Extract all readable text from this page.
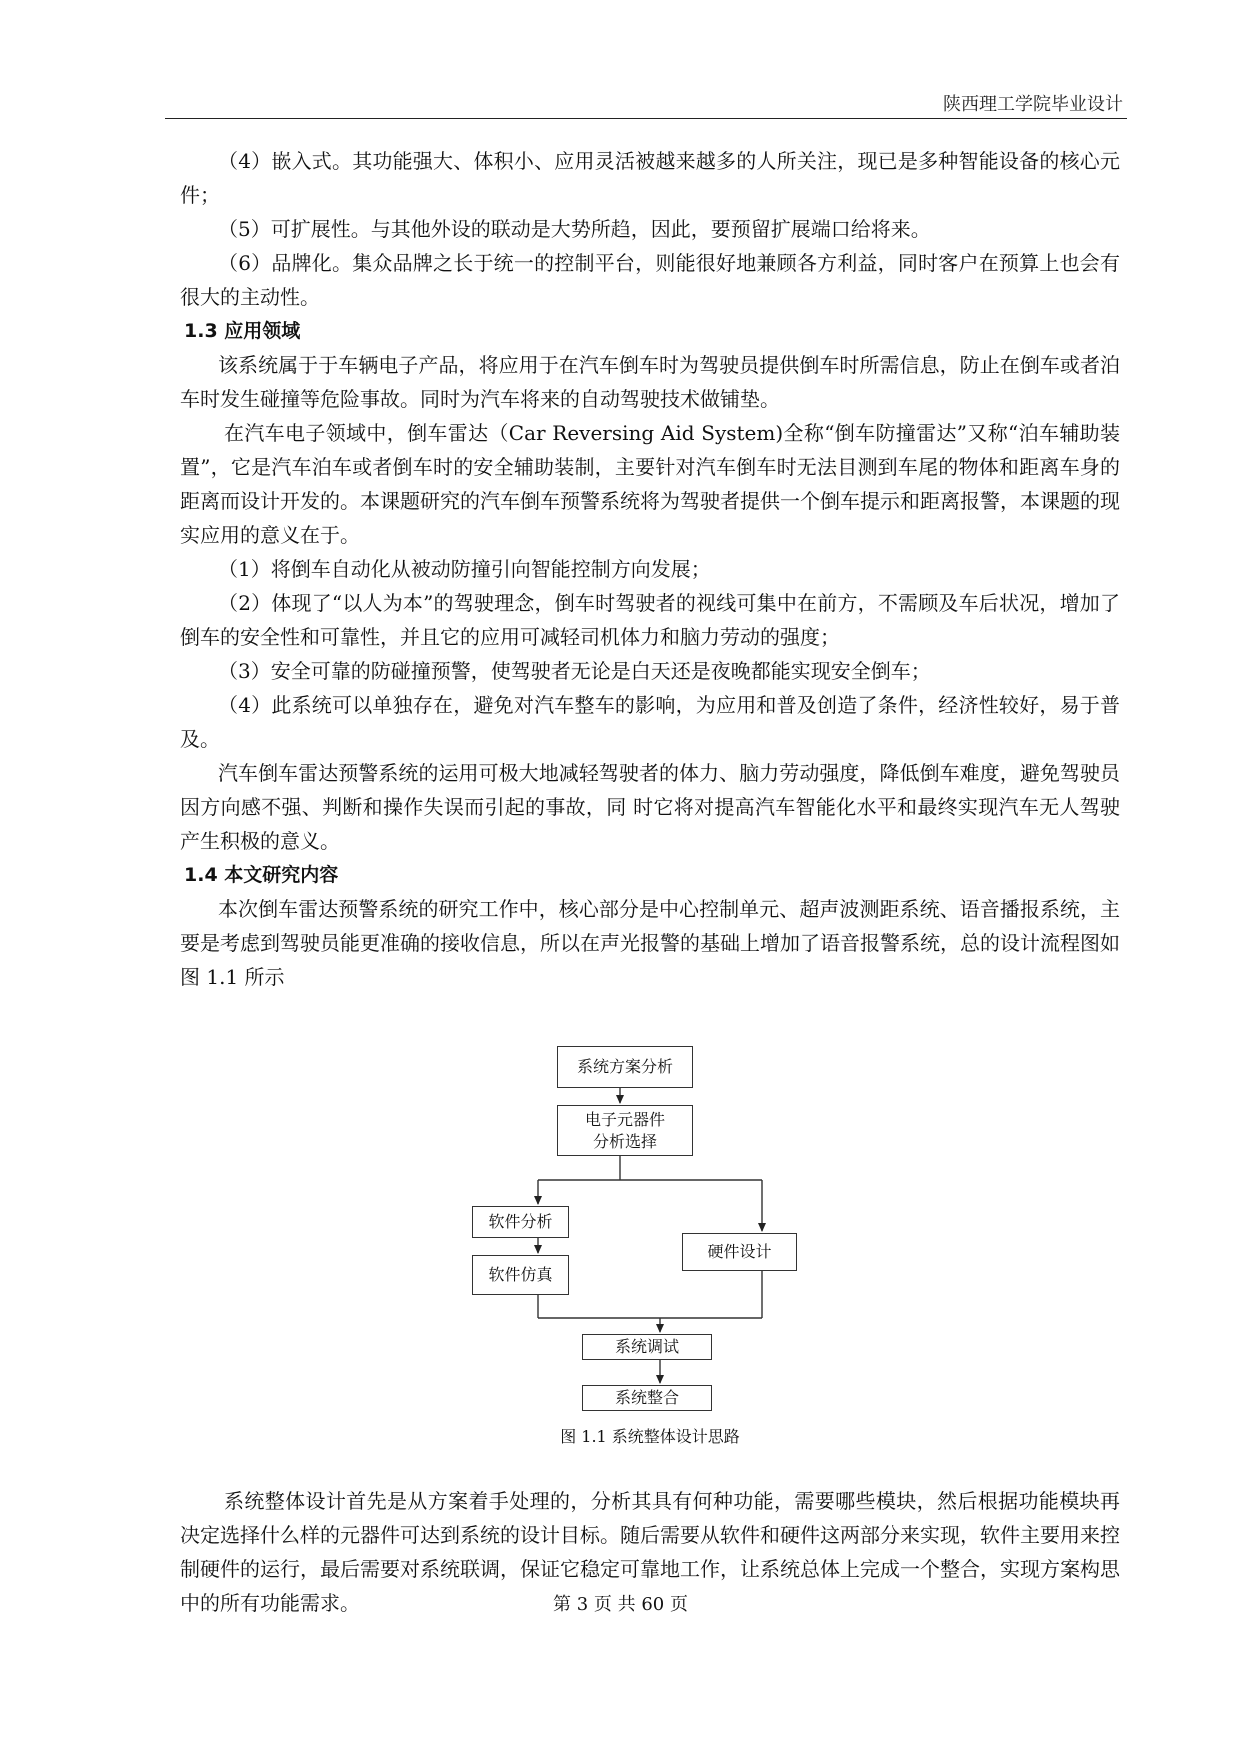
陕西理工学院毕业设计

（4）嵌入式。其功能强大、体积小、应用灵活被越来越多的人所关注，现已是多种智能设备的核心元件；

（5）可扩展性。与其他外设的联动是大势所趋，因此，要预留扩展端口给将来。

（6）品牌化。集众品牌之长于统一的控制平台，则能很好地兼顾各方利益，同时客户在预算上也会有很大的主动性。

1.3 应用领域

该系统属于于车辆电子产品，将应用于在汽车倒车时为驾驶员提供倒车时所需信息，防止在倒车或者泊车时发生碰撞等危险事故。同时为汽车将来的自动驾驶技术做铺垫。

在汽车电子领域中，倒车雷达（Car Reversing Aid System)全称“倒车防撞雷达”又称“泊车辅助装置”，它是汽车泊车或者倒车时的安全辅助装制，主要针对汽车倒车时无法目测到车尾的物体和距离车身的距离而设计开发的。本课题研究的汽车倒车预警系统将为驾驶者提供一个倒车提示和距离报警，本课题的现实应用的意义在于。

（1）将倒车自动化从被动防撞引向智能控制方向发展；

（2）体现了“以人为本”的驾驶理念，倒车时驾驶者的视线可集中在前方，不需顾及车后状况，增加了倒车的安全性和可靠性，并且它的应用可减轻司机体力和脑力劳动的强度；

（3）安全可靠的防碰撞预警，使驾驶者无论是白天还是夜晚都能实现安全倒车；

（4）此系统可以单独存在，避免对汽车整车的影响，为应用和普及创造了条件，经济性较好，易于普及。

汽车倒车雷达预警系统的运用可极大地减轻驾驶者的体力、脑力劳动强度，降低倒车难度，避免驾驶员因方向感不强、判断和操作失误而引起的事故，同 时它将对提高汽车智能化水平和最终实现汽车无人驾驶产生积极的意义。

1.4 本文研究内容

本次倒车雷达预警系统的研究工作中，核心部分是中心控制单元、超声波测距系统、语音播报系统，主要是考虑到驾驶员能更准确的接收信息，所以在声光报警的基础上增加了语音报警系统，总的设计流程图如图 1.1 所示

系统方案分析
电子元器件
分析选择
软件分析
软件仿真
硬件设计
系统调试
系统整合
图 1.1 系统整体设计思路

系统整体设计首先是从方案着手处理的，分析其具有何种功能，需要哪些模块，然后根据功能模块再决定选择什么样的元器件可达到系统的设计目标。随后需要从软件和硬件这两部分来实现，软件主要用来控制硬件的运行，最后需要对系统联调，保证它稳定可靠地工作，让系统总体上完成一个整合，实现方案构思中的所有功能需求。	第 3 页 共 60 页
